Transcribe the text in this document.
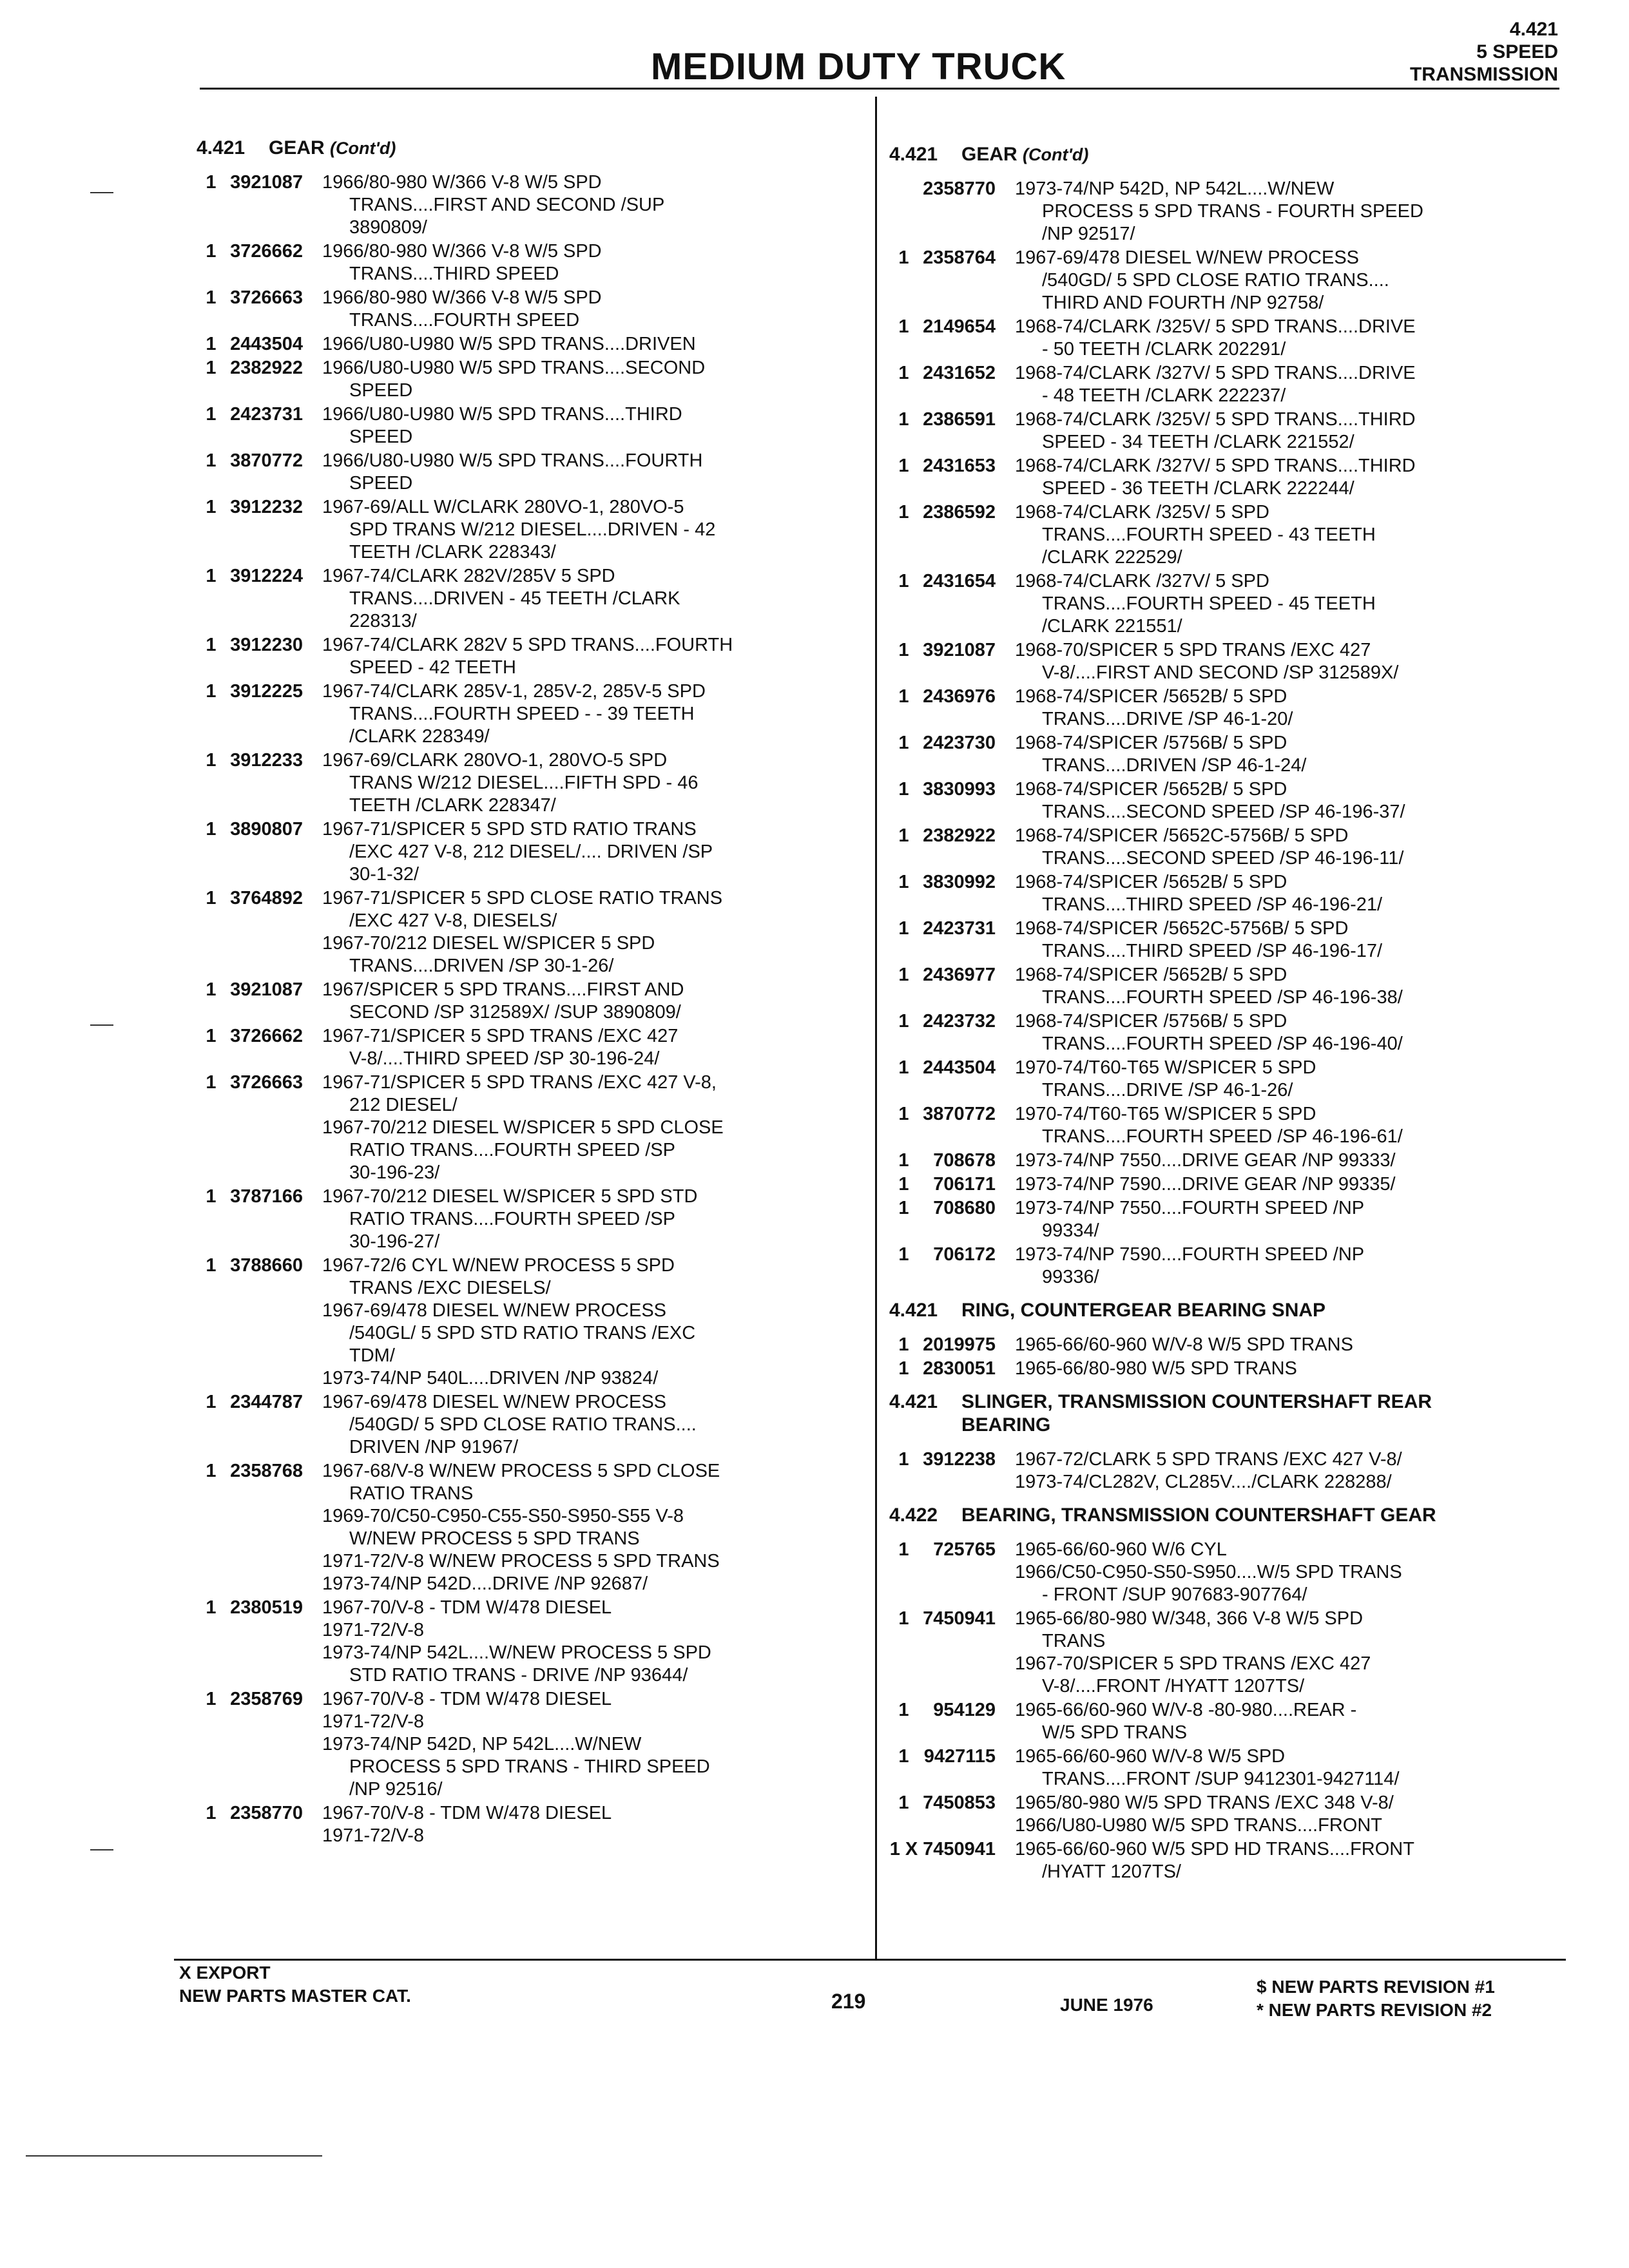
4.421
5 SPEED
TRANSMISSION
MEDIUM DUTY TRUCK
4.421 GEAR (Cont'd)
1 3921087	1966/80-980 W/366 V-8 W/5 SPD
TRANS....FIRST AND SECOND /SUP
3890809/
1 3726662	1966/80-980 W/366 V-8 W/5 SPD
TRANS....THIRD SPEED
1 3726663	1966/80-980 W/366 V-8 W/5 SPD
TRANS....FOURTH SPEED
1 2443504	1966/U80-U980 W/5 SPD TRANS....DRIVEN
1 2382922	1966/U80-U980 W/5 SPD TRANS....SECOND
SPEED
1 2423731	1966/U80-U980 W/5 SPD TRANS....THIRD
SPEED
1 3870772	1966/U80-U980 W/5 SPD TRANS....FOURTH
SPEED
1 3912232	1967-69/ALL W/CLARK 280VO-1, 280VO-5
SPD TRANS W/212 DIESEL....DRIVEN - 42
TEETH /CLARK 228343/
1 3912224	1967-74/CLARK 282V/285V 5 SPD
TRANS....DRIVEN - 45 TEETH /CLARK
228313/
1 3912230	1967-74/CLARK 282V 5 SPD TRANS....FOURTH
SPEED - 42 TEETH
1 3912225	1967-74/CLARK 285V-1, 285V-2, 285V-5 SPD
TRANS....FOURTH SPEED - - 39 TEETH
/CLARK 228349/
1 3912233	1967-69/CLARK 280VO-1, 280VO-5 SPD
TRANS W/212 DIESEL....FIFTH SPD - 46
TEETH /CLARK 228347/
1 3890807	1967-71/SPICER 5 SPD STD RATIO TRANS
/EXC 427 V-8, 212 DIESEL/.... DRIVEN /SP
30-1-32/
1 3764892	1967-71/SPICER 5 SPD CLOSE RATIO TRANS
/EXC 427 V-8, DIESELS/
1967-70/212 DIESEL W/SPICER 5 SPD
TRANS....DRIVEN /SP 30-1-26/
1 3921087	1967/SPICER 5 SPD TRANS....FIRST AND
SECOND /SP 312589X/ /SUP 3890809/
1 3726662	1967-71/SPICER 5 SPD TRANS /EXC 427
V-8/....THIRD SPEED /SP 30-196-24/
1 3726663	1967-71/SPICER 5 SPD TRANS /EXC 427 V-8,
212 DIESEL/
1967-70/212 DIESEL W/SPICER 5 SPD CLOSE
RATIO TRANS....FOURTH SPEED /SP
30-196-23/
1 3787166	1967-70/212 DIESEL W/SPICER 5 SPD STD
RATIO TRANS....FOURTH SPEED /SP
30-196-27/
1 3788660	1967-72/6 CYL W/NEW PROCESS 5 SPD
TRANS /EXC DIESELS/
1967-69/478 DIESEL W/NEW PROCESS
/540GL/ 5 SPD STD RATIO TRANS /EXC
TDM/
1973-74/NP 540L....DRIVEN /NP 93824/
1 2344787	1967-69/478 DIESEL W/NEW PROCESS
/540GD/ 5 SPD CLOSE RATIO TRANS....
DRIVEN /NP 91967/
1 2358768	1967-68/V-8 W/NEW PROCESS 5 SPD CLOSE
RATIO TRANS
1969-70/C50-C950-C55-S50-S950-S55 V-8
W/NEW PROCESS 5 SPD TRANS
1971-72/V-8 W/NEW PROCESS 5 SPD TRANS
1973-74/NP 542D....DRIVE /NP 92687/
1 2380519	1967-70/V-8 - TDM W/478 DIESEL
1971-72/V-8
1973-74/NP 542L....W/NEW PROCESS 5 SPD
STD RATIO TRANS - DRIVE /NP 93644/
1 2358769	1967-70/V-8 - TDM W/478 DIESEL
1971-72/V-8
1973-74/NP 542D, NP 542L....W/NEW
PROCESS 5 SPD TRANS - THIRD SPEED
/NP 92516/
1 2358770	1967-70/V-8 - TDM W/478 DIESEL
1971-72/V-8
4.421 GEAR (Cont'd)
2358770	1973-74/NP 542D, NP 542L....W/NEW
PROCESS 5 SPD TRANS - FOURTH SPEED
/NP 92517/
1 2358764	1967-69/478 DIESEL W/NEW PROCESS
/540GD/ 5 SPD CLOSE RATIO TRANS....
THIRD AND FOURTH /NP 92758/
1 2149654	1968-74/CLARK /325V/ 5 SPD TRANS....DRIVE
- 50 TEETH /CLARK 202291/
1 2431652	1968-74/CLARK /327V/ 5 SPD TRANS....DRIVE
- 48 TEETH /CLARK 222237/
1 2386591	1968-74/CLARK /325V/ 5 SPD TRANS....THIRD
SPEED - 34 TEETH /CLARK 221552/
1 2431653	1968-74/CLARK /327V/ 5 SPD TRANS....THIRD
SPEED - 36 TEETH /CLARK 222244/
1 2386592	1968-74/CLARK /325V/ 5 SPD
TRANS....FOURTH SPEED - 43 TEETH
/CLARK 222529/
1 2431654	1968-74/CLARK /327V/ 5 SPD
TRANS....FOURTH SPEED - 45 TEETH
/CLARK 221551/
1 3921087	1968-70/SPICER 5 SPD TRANS /EXC 427
V-8/....FIRST AND SECOND /SP 312589X/
1 2436976	1968-74/SPICER /5652B/ 5 SPD
TRANS....DRIVE /SP 46-1-20/
1 2423730	1968-74/SPICER /5756B/ 5 SPD
TRANS....DRIVEN /SP 46-1-24/
1 3830993	1968-74/SPICER /5652B/ 5 SPD
TRANS....SECOND SPEED /SP 46-196-37/
1 2382922	1968-74/SPICER /5652C-5756B/ 5 SPD
TRANS....SECOND SPEED /SP 46-196-11/
1 3830992	1968-74/SPICER /5652B/ 5 SPD
TRANS....THIRD SPEED /SP 46-196-21/
1 2423731	1968-74/SPICER /5652C-5756B/ 5 SPD
TRANS....THIRD SPEED /SP 46-196-17/
1 2436977	1968-74/SPICER /5652B/ 5 SPD
TRANS....FOURTH SPEED /SP 46-196-38/
1 2423732	1968-74/SPICER /5756B/ 5 SPD
TRANS....FOURTH SPEED /SP 46-196-40/
1 2443504	1970-74/T60-T65 W/SPICER 5 SPD
TRANS....DRIVE /SP 46-1-26/
1 3870772	1970-74/T60-T65 W/SPICER 5 SPD
TRANS....FOURTH SPEED /SP 46-196-61/
1	708678	1973-74/NP 7550....DRIVE GEAR /NP 99333/
1	706171	1973-74/NP 7590....DRIVE GEAR /NP 99335/
1	708680	1973-74/NP 7550....FOURTH SPEED /NP
99334/
1	706172	1973-74/NP 7590....FOURTH SPEED /NP
99336/
4.421 RING, COUNTERGEAR BEARING SNAP
1 2019975	1965-66/60-960 W/V-8 W/5 SPD TRANS
1 2830051	1965-66/80-980 W/5 SPD TRANS
4.421 SLINGER, TRANSMISSION COUNTERSHAFT REAR
BEARING
1 3912238	1967-72/CLARK 5 SPD TRANS /EXC 427 V-8/
1973-74/CL282V, CL285V..../CLARK 228288/
4.422 BEARING, TRANSMISSION COUNTERSHAFT GEAR
1	725765	1965-66/60-960 W/6 CYL
1966/C50-C950-S50-S950....W/5 SPD TRANS
- FRONT /SUP 907683-907764/
1 7450941	1965-66/80-980 W/348, 366 V-8 W/5 SPD
TRANS
1967-70/SPICER 5 SPD TRANS /EXC 427
V-8/....FRONT /HYATT 1207TS/
1	954129	1965-66/60-960 W/V-8 -80-980....REAR -
W/5 SPD TRANS
1 9427115	1965-66/60-960 W/V-8 W/5 SPD
TRANS....FRONT /SUP 9412301-9427114/
1 7450853	1965/80-980 W/5 SPD TRANS /EXC 348 V-8/
1966/U80-U980 W/5 SPD TRANS....FRONT
1 X 7450941	1965-66/60-960 W/5 SPD HD TRANS....FRONT
/HYATT 1207TS/
X EXPORT
NEW PARTS MASTER CAT.	219	JUNE 1976
$ NEW PARTS REVISION #1
* NEW PARTS REVISION #2
